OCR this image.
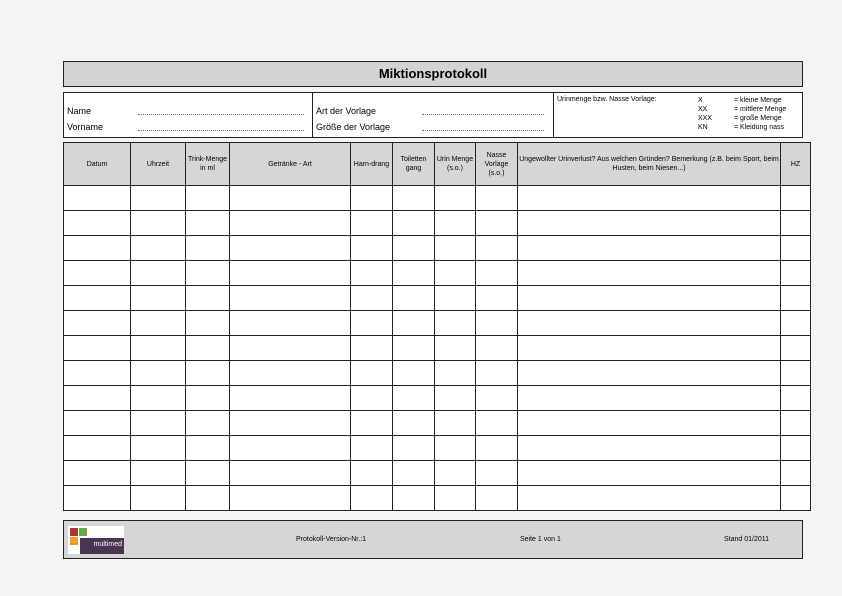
Miktionsprotokoll
Name
Vorname
Art der Vorlage
Größe der Vorlage
Urinmenge bzw. Nasse Vorlage:	X	= kleine Menge
XX	= mittlere Menge
XXX	= große Menge
KN	= Kleidung nass
Datum	Uhrzeit	Trink-Menge in ml	Getränke - Art	Harn-drang	Toiletten gang	Urin Menge (s.o.)	Nasse Vorlage (s.o.)	Ungewollter Urinverlust? Aus welchen Gründen? Bemerkung (z.B. beim Sport, beim Husten, beim Niesen...)	HZ

multimed
Protokoll-Version-Nr.:1	Seite 1 von 1	Stand 01/2011
